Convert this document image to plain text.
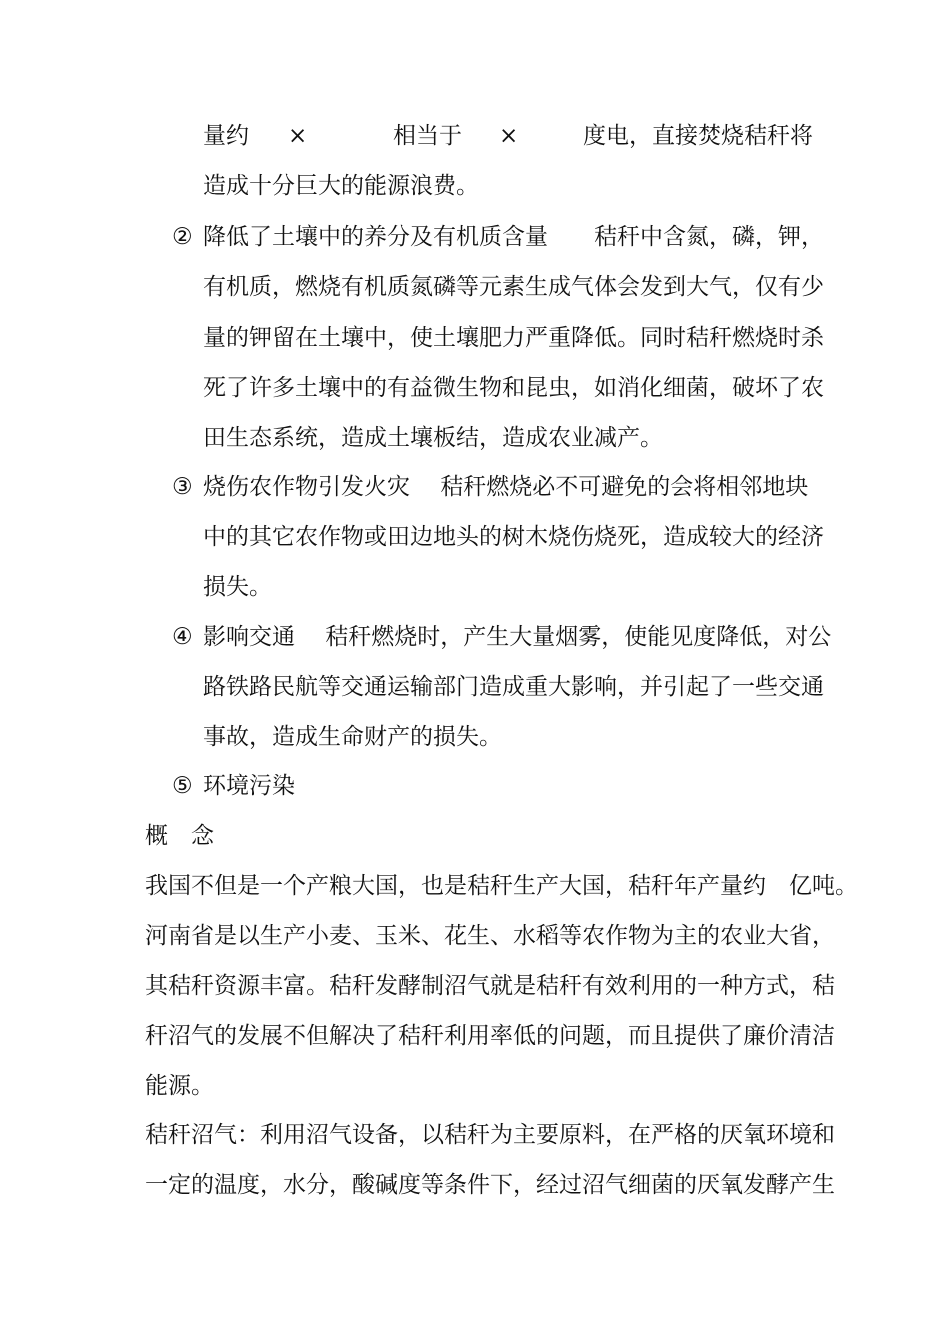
量约 ×	相当于 ×	度电，直接焚烧秸秆将
造成十分巨大的能源浪费。
② 降低了土壤中的养分及有机质含量　　秸秆中含氮，磷，钾，
有机质，燃烧有机质氮磷等元素生成气体会发到大气，仅有少
量的钾留在土壤中，使土壤肥力严重降低。同时秸秆燃烧时杀
死了许多土壤中的有益微生物和昆虫，如消化细菌，破坏了农
田生态系统，造成土壤板结，造成农业减产。
③ 烧伤农作物引发火灾　 秸秆燃烧必不可避免的会将相邻地块
中的其它农作物或田边地头的树木烧伤烧死，造成较大的经济
损失。
④ 影响交通　 秸秆燃烧时，产生大量烟雾，使能见度降低，对公
路铁路民航等交通运输部门造成重大影响，并引起了一些交通
事故，造成生命财产的损失。
⑤ 环境污染
概　念
我国不但是一个产粮大国，也是秸秆生产大国，秸秆年产量约　亿吨。
河南省是以生产小麦、玉米、花生、水稻等农作物为主的农业大省，
其秸秆资源丰富。秸秆发酵制沼气就是秸秆有效利用的一种方式，秸
秆沼气的发展不但解决了秸秆利用率低的问题，而且提供了廉价清洁
能源。
秸秆沼气：利用沼气设备，以秸秆为主要原料，在严格的厌氧环境和
一定的温度，水分，酸碱度等条件下，经过沼气细菌的厌氧发酵产生
